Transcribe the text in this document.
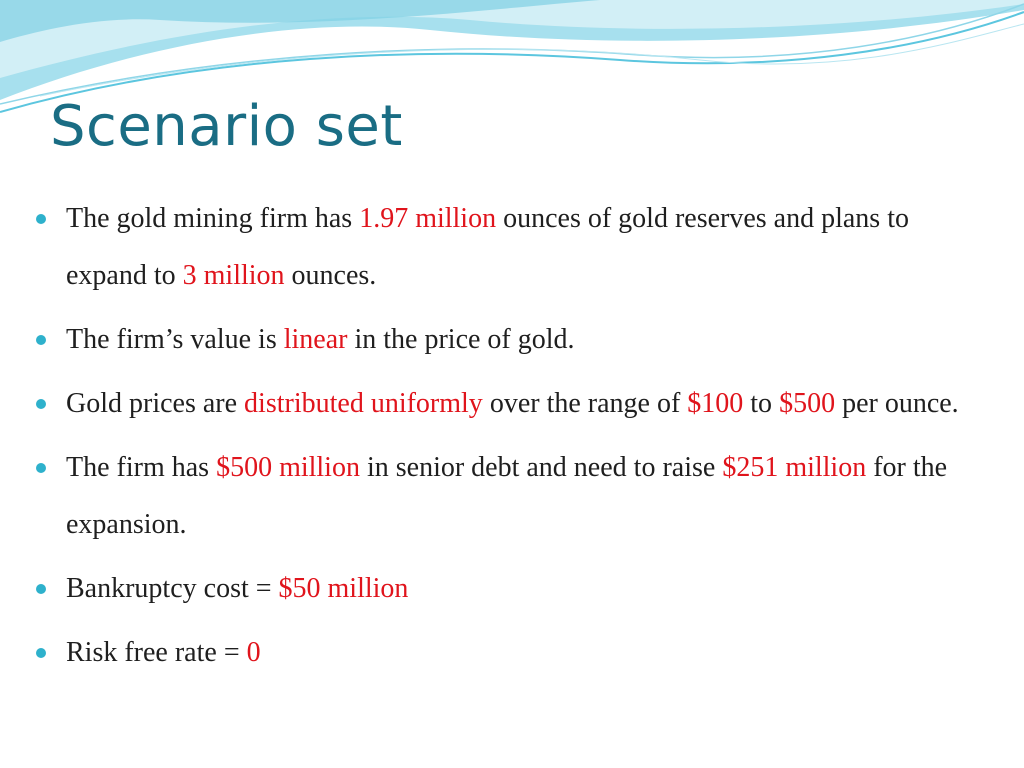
Scenario set
The gold mining firm has 1.97 million ounces of gold reserves and plans to expand to 3 million ounces.
The firm’s value is linear in the price of gold.
Gold prices are distributed uniformly over the range of $100 to $500 per ounce.
The firm has $500 million in senior debt and need to raise $251 million for the expansion.
Bankruptcy cost = $50 million
Risk free rate = 0
